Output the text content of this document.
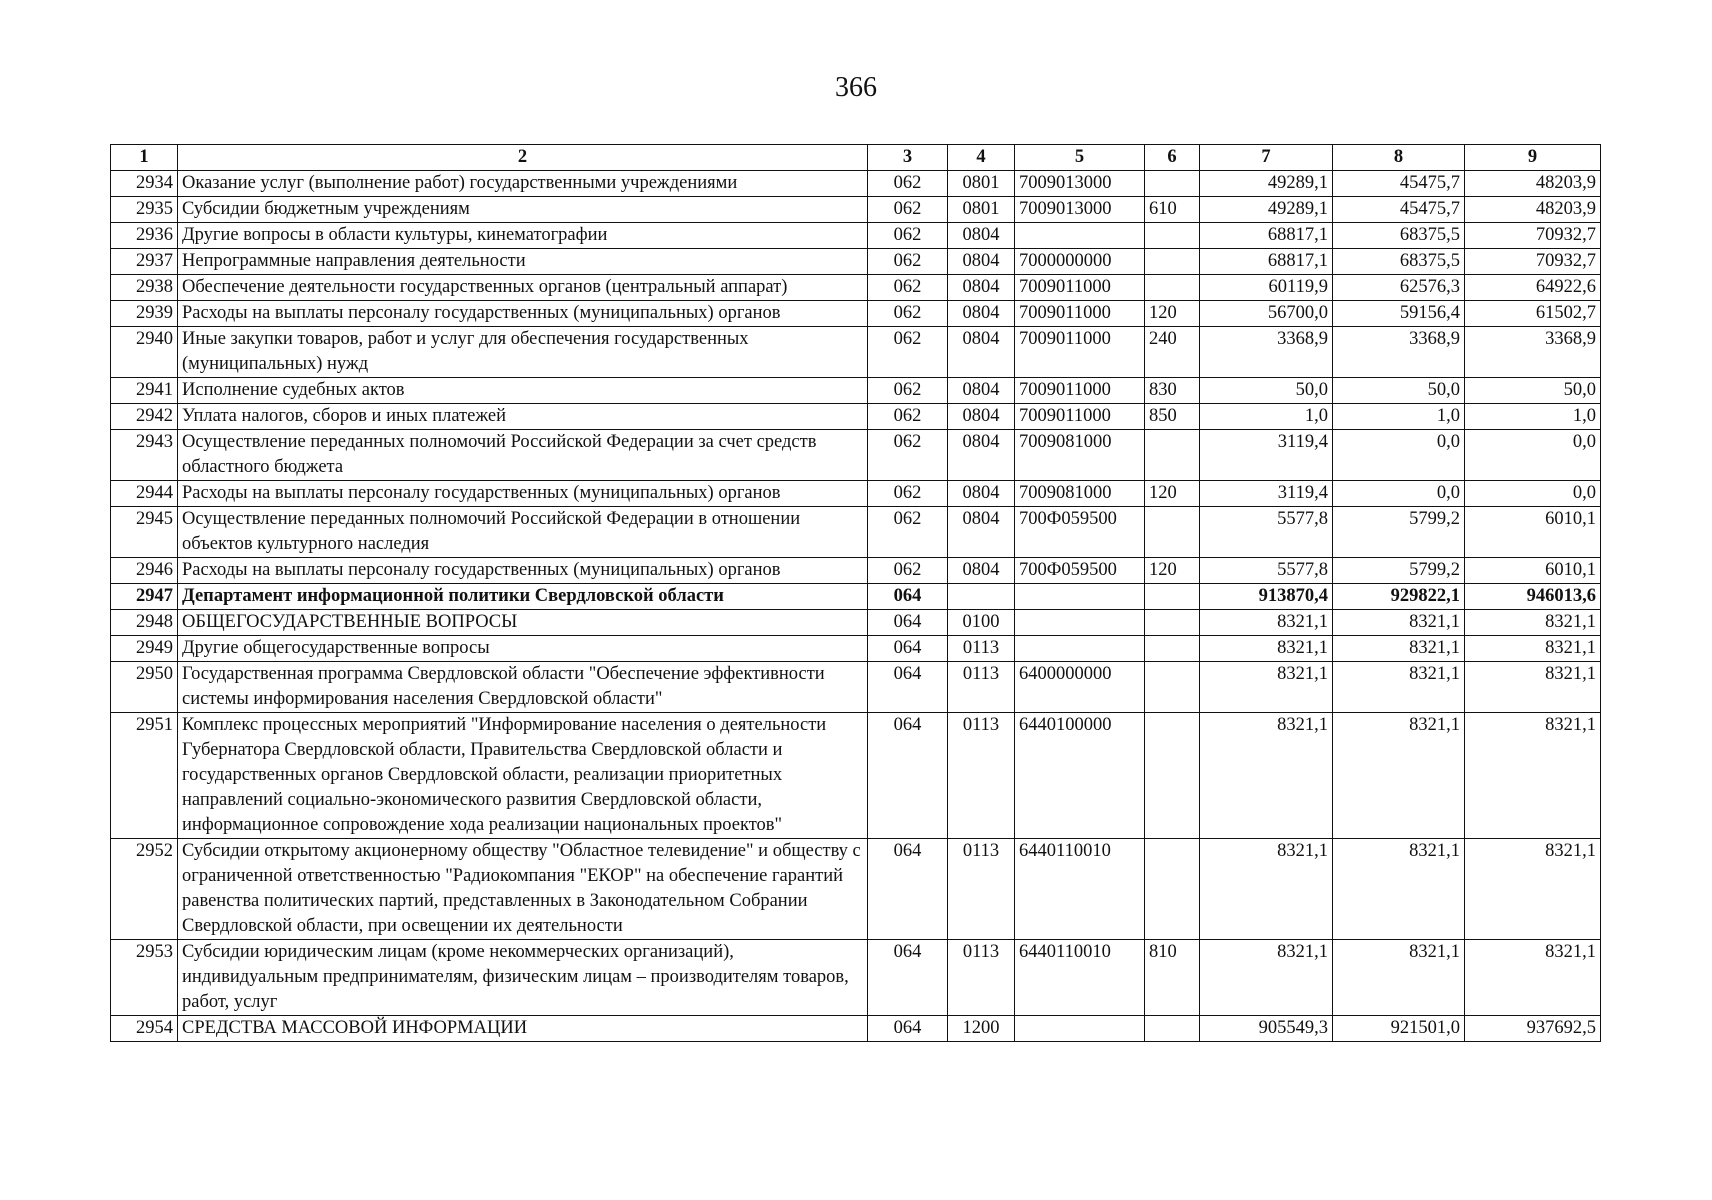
366
1	2	3	4	5	6	7	8	9
2934	Оказание услуг (выполнение работ) государственными учреждениями	062	0801	7009013000		49289,1	45475,7	48203,9
2935	Субсидии бюджетным учреждениям	062	0801	7009013000	610	49289,1	45475,7	48203,9
2936	Другие вопросы в области культуры, кинематографии	062	0804			68817,1	68375,5	70932,7
2937	Непрограммные направления деятельности	062	0804	7000000000		68817,1	68375,5	70932,7
2938	Обеспечение деятельности государственных органов (центральный аппарат)	062	0804	7009011000		60119,9	62576,3	64922,6
2939	Расходы на выплаты персоналу государственных (муниципальных) органов	062	0804	7009011000	120	56700,0	59156,4	61502,7
2940	Иные закупки товаров, работ и услуг для обеспечения государственных (муниципальных) нужд	062	0804	7009011000	240	3368,9	3368,9	3368,9
2941	Исполнение судебных актов	062	0804	7009011000	830	50,0	50,0	50,0
2942	Уплата налогов, сборов и иных платежей	062	0804	7009011000	850	1,0	1,0	1,0
2943	Осуществление переданных полномочий Российской Федерации за счет средств областного бюджета	062	0804	7009081000		3119,4	0,0	0,0
2944	Расходы на выплаты персоналу государственных (муниципальных) органов	062	0804	7009081000	120	3119,4	0,0	0,0
2945	Осуществление переданных полномочий Российской Федерации в отношении объектов культурного наследия	062	0804	700Ф059500		5577,8	5799,2	6010,1
2946	Расходы на выплаты персоналу государственных (муниципальных) органов	062	0804	700Ф059500	120	5577,8	5799,2	6010,1
2947	Департамент информационной политики Свердловской области	064				913870,4	929822,1	946013,6
2948	ОБЩЕГОСУДАРСТВЕННЫЕ ВОПРОСЫ	064	0100			8321,1	8321,1	8321,1
2949	Другие общегосударственные вопросы	064	0113			8321,1	8321,1	8321,1
2950	Государственная программа Свердловской области "Обеспечение эффективности системы информирования населения Свердловской области"	064	0113	6400000000		8321,1	8321,1	8321,1
2951	Комплекс процессных мероприятий "Информирование населения о деятельности Губернатора Свердловской области, Правительства Свердловской области и государственных органов Свердловской области, реализации приоритетных направлений социально-экономического развития Свердловской области, информационное сопровождение хода реализации национальных проектов"	064	0113	6440100000		8321,1	8321,1	8321,1
2952	Субсидии открытому акционерному обществу "Областное телевидение" и обществу с ограниченной ответственностью "Радиокомпания "ЕКОР" на обеспечение гарантий равенства политических партий, представленных в Законодательном Собрании Свердловской области, при освещении их деятельности	064	0113	6440110010		8321,1	8321,1	8321,1
2953	Субсидии юридическим лицам (кроме некоммерческих организаций), индивидуальным предпринимателям, физическим лицам – производителям товаров, работ, услуг	064	0113	6440110010	810	8321,1	8321,1	8321,1
2954	СРЕДСТВА МАССОВОЙ ИНФОРМАЦИИ	064	1200			905549,3	921501,0	937692,5
